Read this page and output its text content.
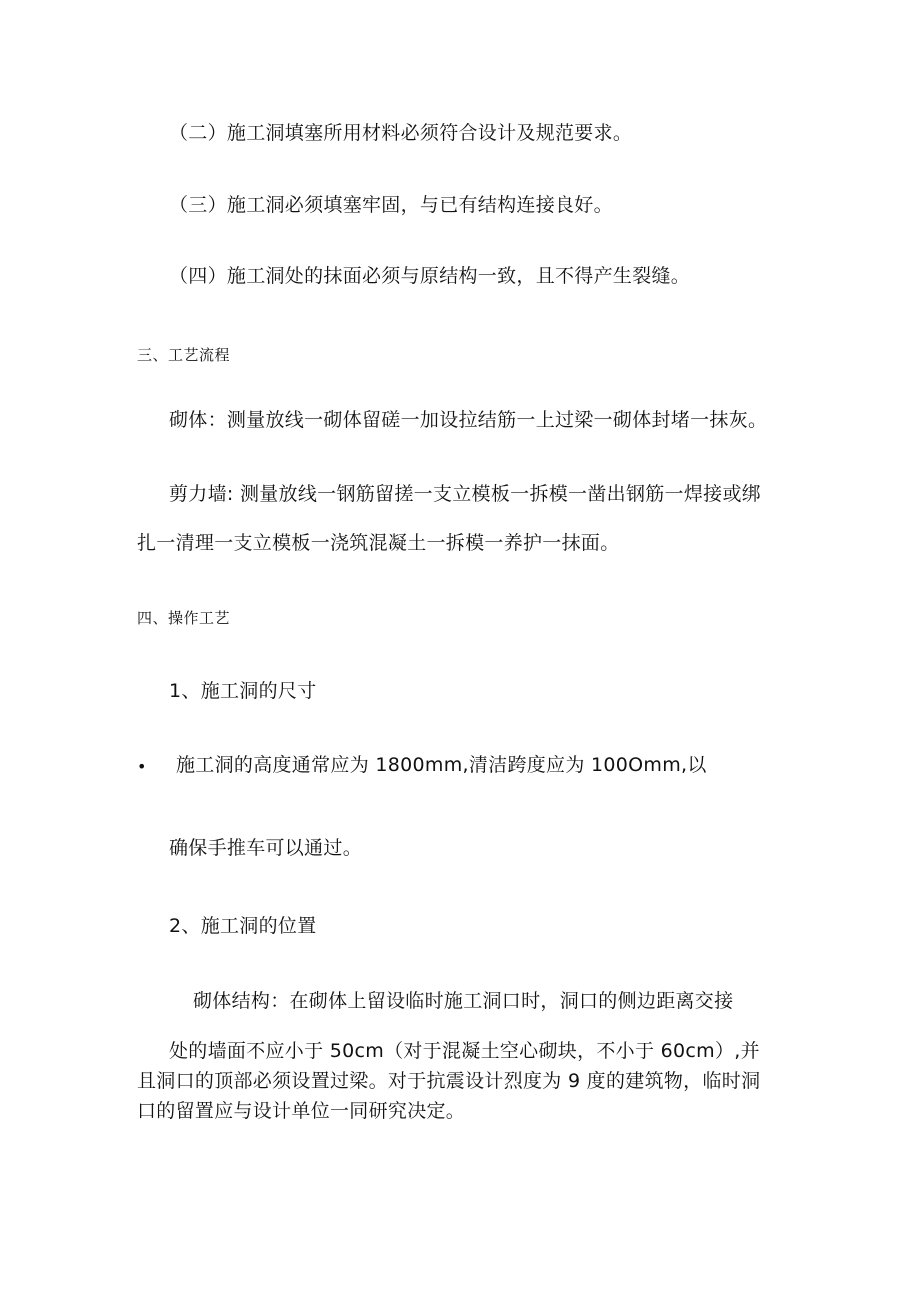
（二）施工洞填塞所用材料必须符合设计及规范要求。
（三）施工洞必须填塞牢固，与已有结构连接良好。
（四）施工洞处的抹面必须与原结构一致，且不得产生裂缝。
三、工艺流程
砌体：测量放线一砌体留磋一加设拉结筋一上过梁一砌体封堵一抹灰。
剪力墙: 测量放线一钢筋留搓一支立模板一拆模一凿出钢筋一焊接或绑
扎一清理一支立模板一浇筑混凝土一拆模一养护一抹面。
四、操作工艺
1、施工洞的尺寸
• 施工洞的高度通常应为 1800mm,清洁跨度应为 100Omm,以
确保手推车可以通过。
2、施工洞的位置
砌体结构：在砌体上留设临时施工洞口时，洞口的侧边距离交接
处的墙面不应小于 50cm（对于混凝土空心砌块，不小于 60cm）,并
且洞口的顶部必须设置过梁。对于抗震设计烈度为 9 度的建筑物，临时洞
口的留置应与设计单位一同研究决定。
